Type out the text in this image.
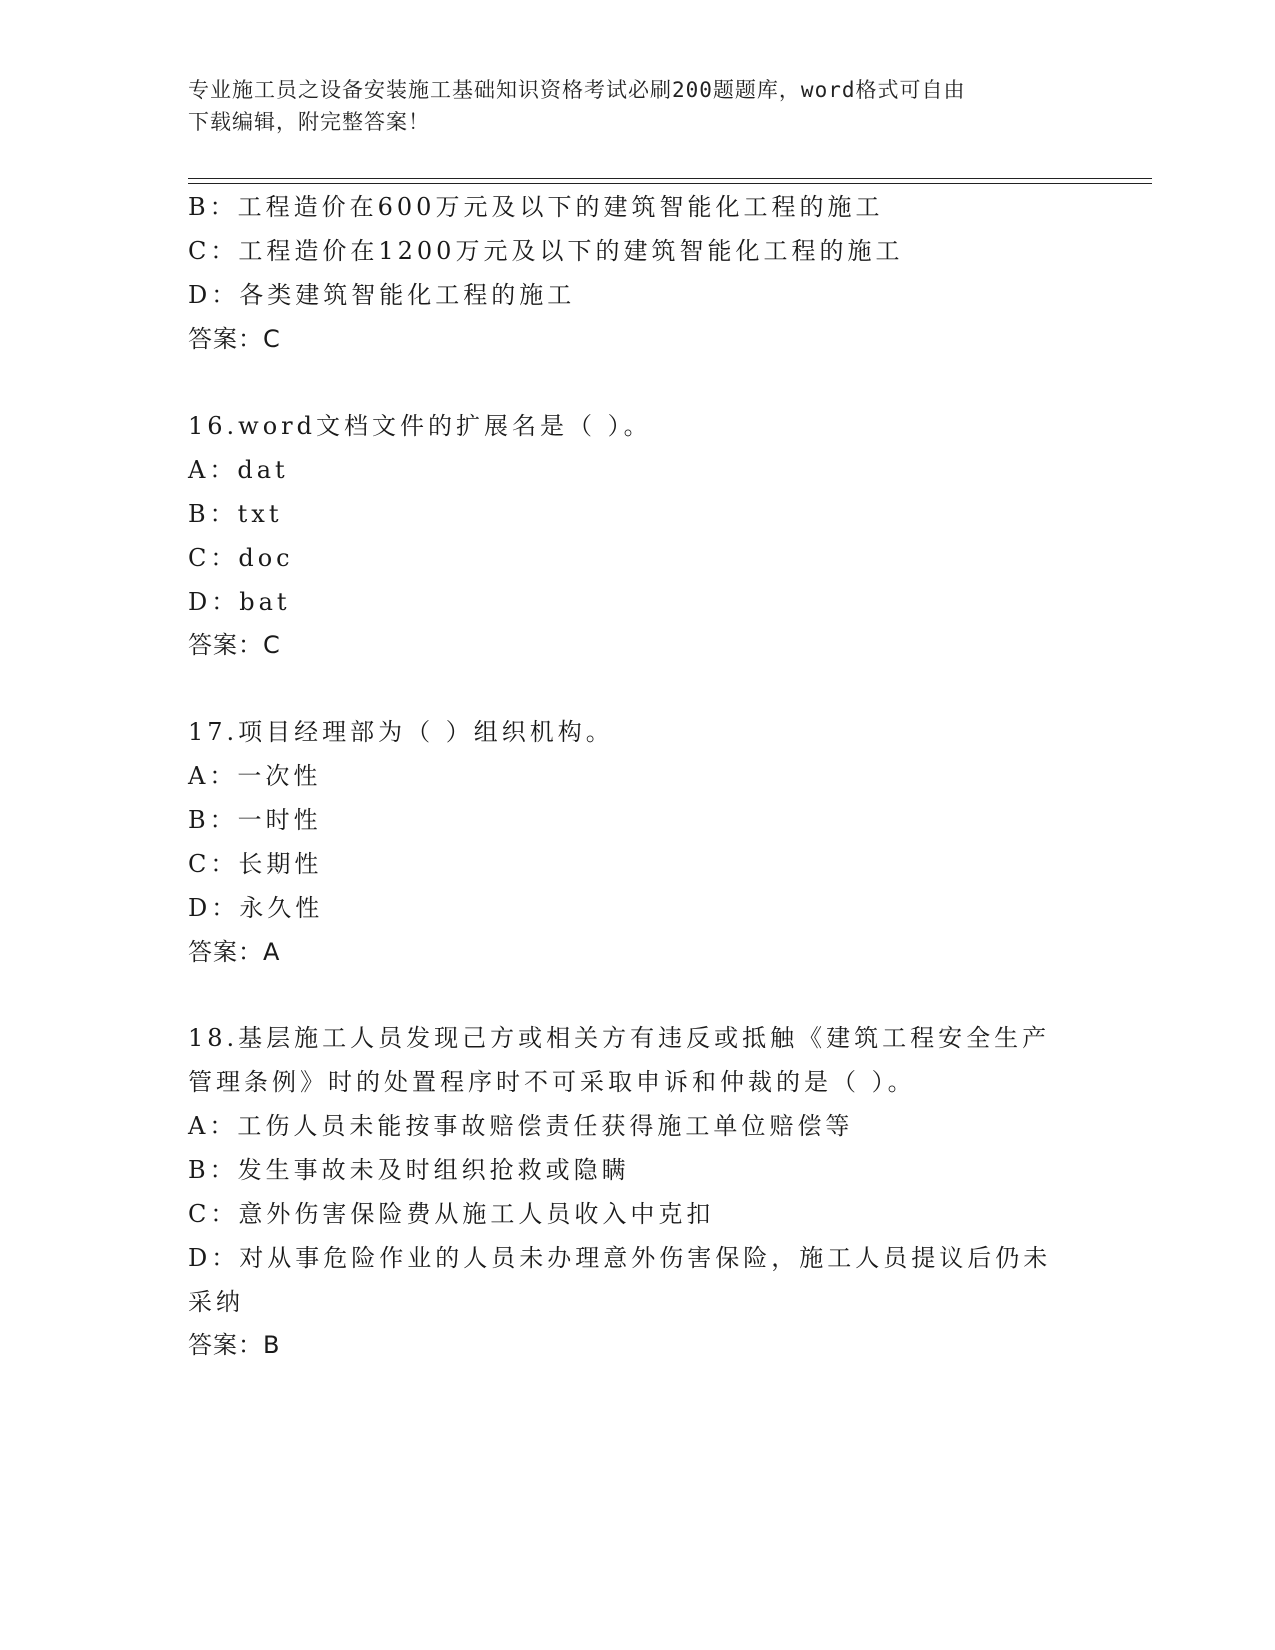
专业施工员之设备安装施工基础知识资格考试必刷200题题库，word格式可自由
下载编辑，附完整答案！
B：工程造价在600万元及以下的建筑智能化工程的施工
C：工程造价在1200万元及以下的建筑智能化工程的施工
D：各类建筑智能化工程的施工
答案：C
16.word文档文件的扩展名是（ ）。
A：dat
B：txt
C：doc
D：bat
答案：C
17.项目经理部为（ ）组织机构。
A：一次性
B：一时性
C：长期性
D：永久性
答案：A
18.基层施工人员发现己方或相关方有违反或抵触《建筑工程安全生产
管理条例》时的处置程序时不可采取申诉和仲裁的是（ ）。
A：工伤人员未能按事故赔偿责任获得施工单位赔偿等
B：发生事故未及时组织抢救或隐瞒
C：意外伤害保险费从施工人员收入中克扣
D：对从事危险作业的人员未办理意外伤害保险，施工人员提议后仍未
采纳
答案：B
